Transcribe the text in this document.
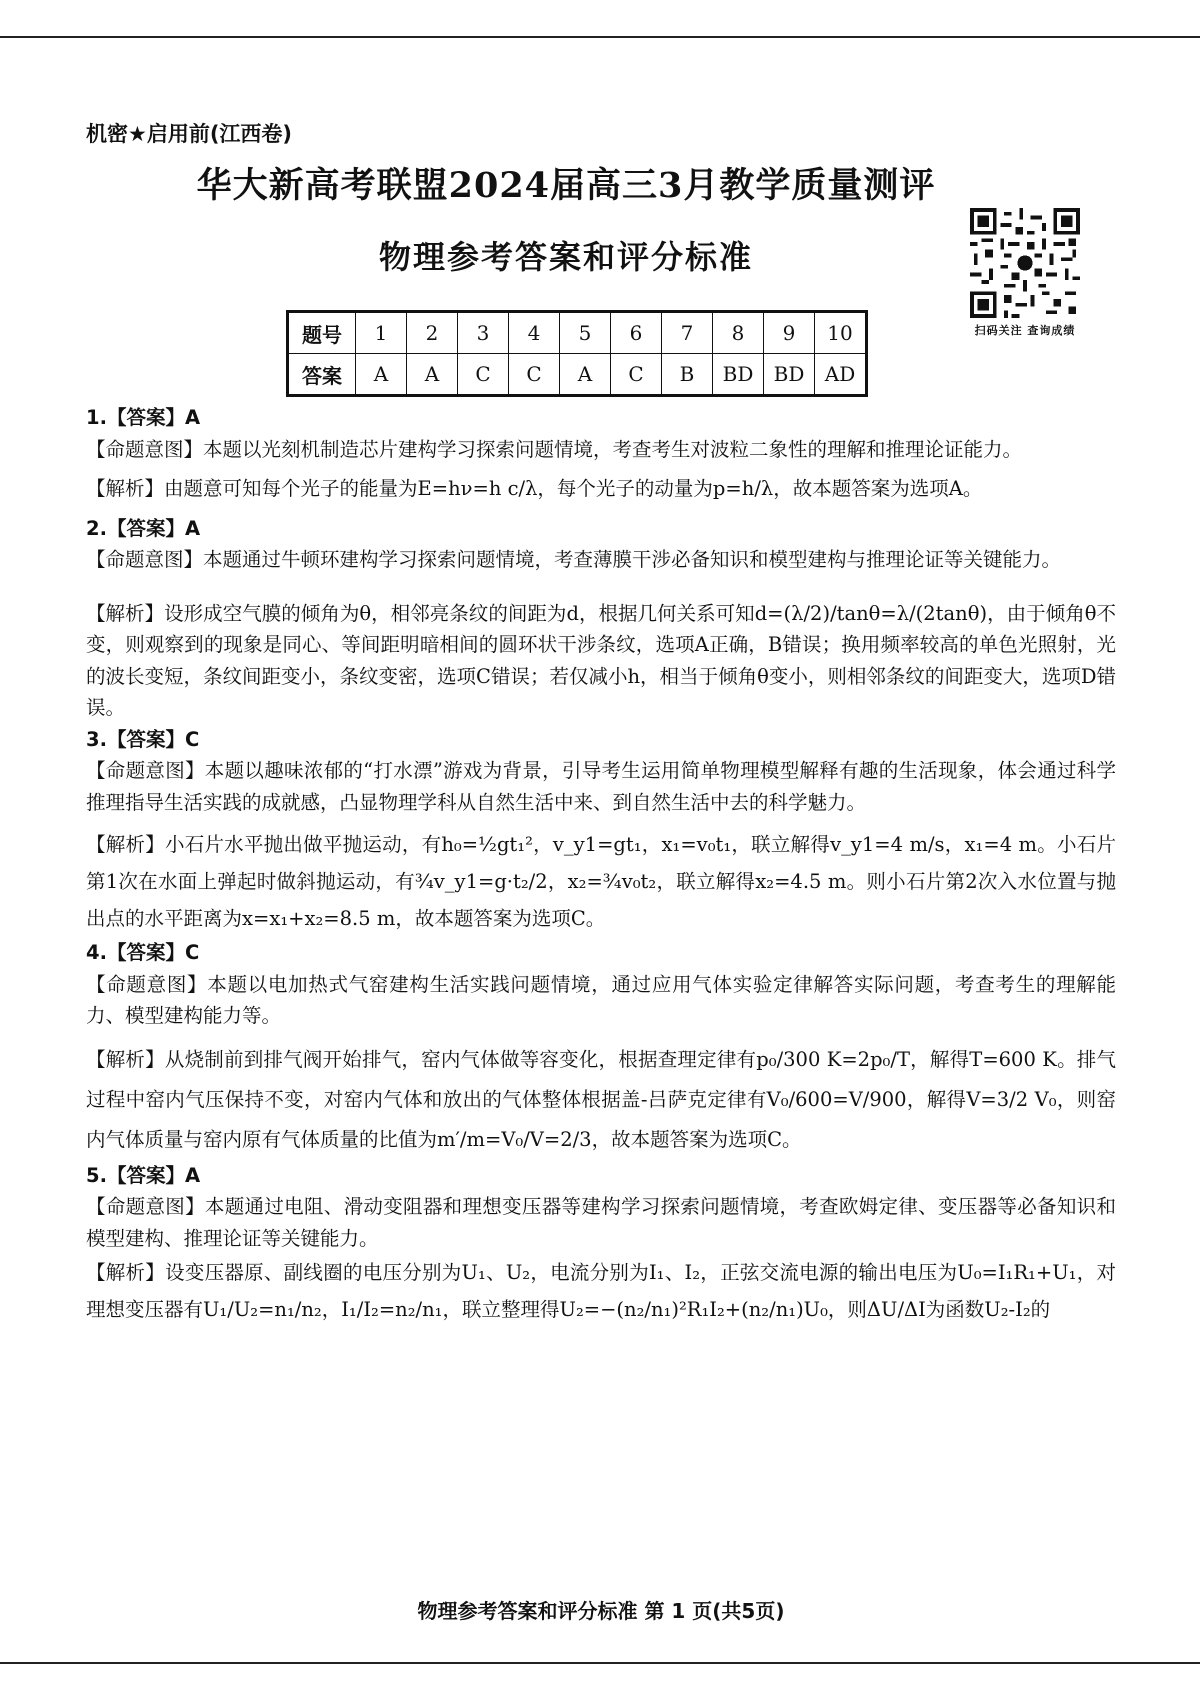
机密★启用前(江西卷)
华大新高考联盟2024届高三3月教学质量测评
物理参考答案和评分标准
扫码关注 查询成绩
题号	1	2	3	4	5	6	7	8	9	10
答案	A	A	C	C	A	C	B	BD	BD	AD

1.【答案】A

【命题意图】本题以光刻机制造芯片建构学习探索问题情境，考查考生对波粒二象性的理解和推理论证能力。

【解析】由题意可知每个光子的能量为E=hν=h c/λ，每个光子的动量为p=h/λ，故本题答案为选项A。

2.【答案】A

【命题意图】本题通过牛顿环建构学习探索问题情境，考查薄膜干涉必备知识和模型建构与推理论证等关键能力。

【解析】设形成空气膜的倾角为θ，相邻亮条纹的间距为d，根据几何关系可知d=(λ/2)/tanθ=λ/(2tanθ)，由于倾角θ不变，则观察到的现象是同心、等间距明暗相间的圆环状干涉条纹，选项A正确，B错误；换用频率较高的单色光照射，光的波长变短，条纹间距变小，条纹变密，选项C错误；若仅减小h，相当于倾角θ变小，则相邻条纹的间距变大，选项D错误。

3.【答案】C

【命题意图】本题以趣味浓郁的“打水漂”游戏为背景，引导考生运用简单物理模型解释有趣的生活现象，体会通过科学推理指导生活实践的成就感，凸显物理学科从自然生活中来、到自然生活中去的科学魅力。

【解析】小石片水平抛出做平抛运动，有h₀=½gt₁²，v_y1=gt₁，x₁=v₀t₁，联立解得v_y1=4 m/s，x₁=4 m。小石片第1次在水面上弹起时做斜抛运动，有¾v_y1=g·t₂/2，x₂=¾v₀t₂，联立解得x₂=4.5 m。则小石片第2次入水位置与抛出点的水平距离为x=x₁+x₂=8.5 m，故本题答案为选项C。

4.【答案】C

【命题意图】本题以电加热式气窑建构生活实践问题情境，通过应用气体实验定律解答实际问题，考查考生的理解能力、模型建构能力等。

【解析】从烧制前到排气阀开始排气，窑内气体做等容变化，根据查理定律有p₀/300 K=2p₀/T，解得T=600 K。排气过程中窑内气压保持不变，对窑内气体和放出的气体整体根据盖-吕萨克定律有V₀/600=V/900，解得V=3/2 V₀，则窑内气体质量与窑内原有气体质量的比值为m′/m=V₀/V=2/3，故本题答案为选项C。

5.【答案】A

【命题意图】本题通过电阻、滑动变阻器和理想变压器等建构学习探索问题情境，考查欧姆定律、变压器等必备知识和模型建构、推理论证等关键能力。

【解析】设变压器原、副线圈的电压分别为U₁、U₂，电流分别为I₁、I₂，正弦交流电源的输出电压为U₀=I₁R₁+U₁，对理想变压器有U₁/U₂=n₁/n₂，I₁/I₂=n₂/n₁，联立整理得U₂=−(n₂/n₁)²R₁I₂+(n₂/n₁)U₀，则ΔU/ΔI为函数U₂-I₂的

物理参考答案和评分标准 第 1 页(共5页)
